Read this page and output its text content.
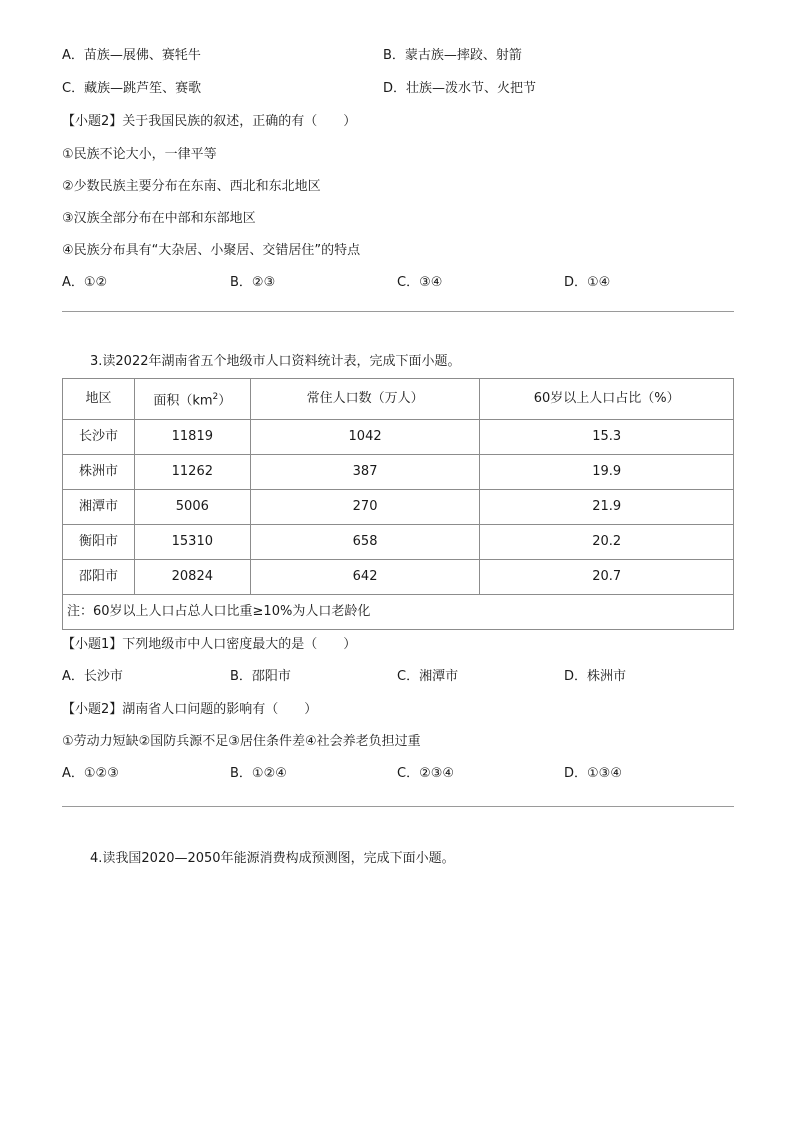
A．苗族—展佛、赛牦牛	B．蒙古族—摔跤、射箭
C．藏族—跳芦笙、赛歌	D．壮族—泼水节、火把节
【小题2】关于我国民族的叙述，正确的有（　　）
①民族不论大小，一律平等
②少数民族主要分布在东南、西北和东北地区
③汉族全部分布在中部和东部地区
④民族分布具有“大杂居、小聚居、交错居住”的特点
A．①②	B．②③	C．③④	D．①④
3.读2022年湖南省五个地级市人口资料统计表，完成下面小题。
地区	面积$(km^2)$	常住人口数（万人）	60岁以上人口占比（%）
长沙市	11819	1042	15.3
株洲市	11262	387	19.9
湘潭市	5006	270	21.9
衡阳市	15310	658	20.2
邵阳市	20824	642	20.7
注：60岁以上人口占总人口比重≥10%为人口老龄化			
【小题1】下列地级市中人口密度最大的是（　　）
A．长沙市	B．邵阳市	C．湘潭市	D．株洲市
【小题2】湖南省人口问题的影响有（　　）
①劳动力短缺②国防兵源不足③居住条件差④社会养老负担过重
A．①②③	B．①②④	C．②③④	D．①③④
4.读我国2020—2050年能源消费构成预测图，完成下面小题。
